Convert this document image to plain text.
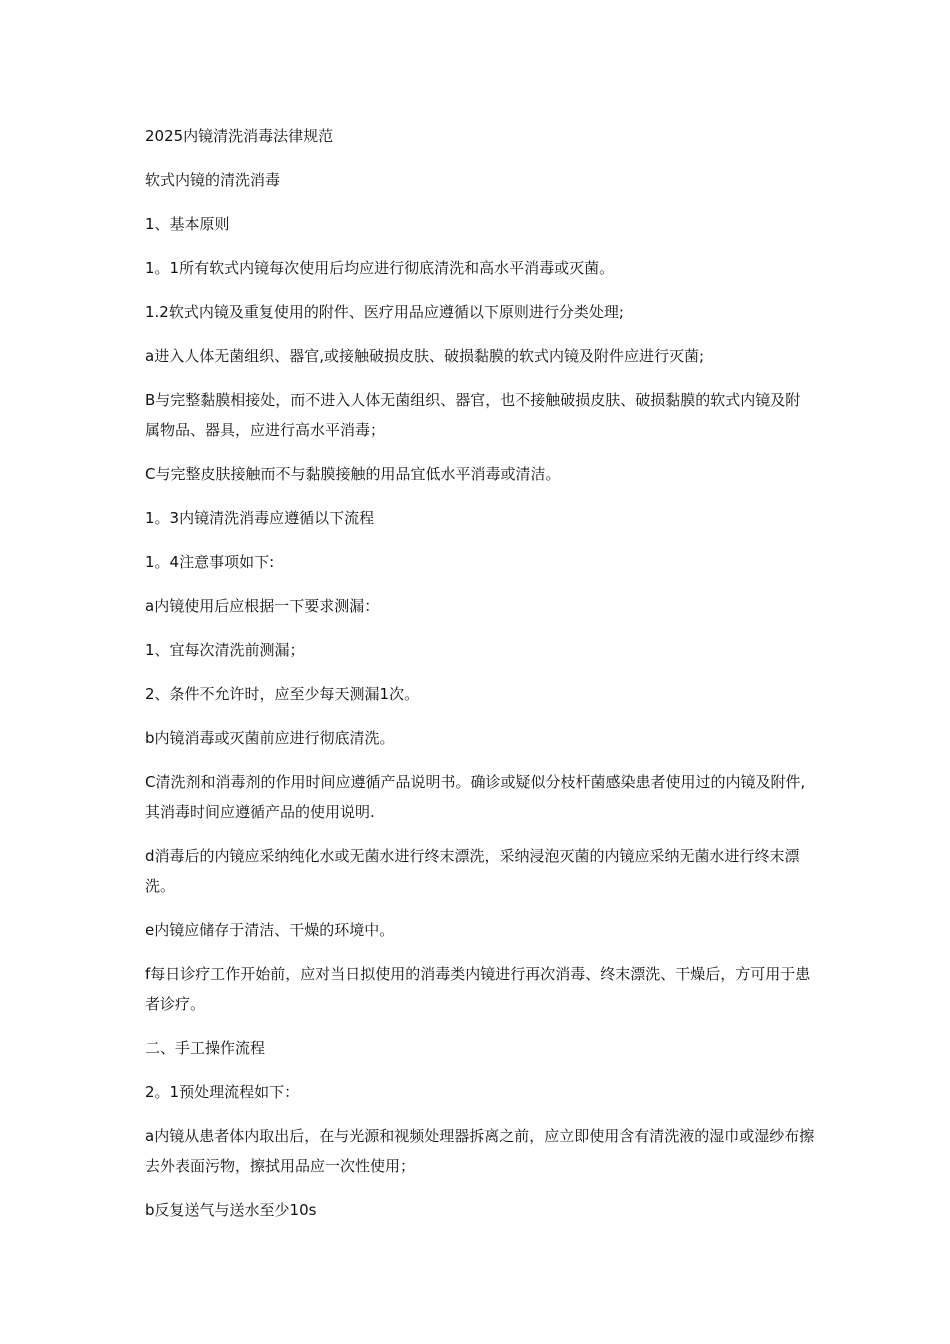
2025内镜清洗消毒法律规范

软式内镜的清洗消毒

1、基本原则

1。1所有软式内镜每次使用后均应进行彻底清洗和高水平消毒或灭菌。

1.2软式内镜及重复使用的附件、医疗用品应遵循以下原则进行分类处理;

a进入人体无菌组织、器官,或接触破损皮肤、破损黏膜的软式内镜及附件应进行灭菌;

B与完整黏膜相接处，而不进入人体无菌组织、器官，也不接触破损皮肤、破损黏膜的软式内镜及附属物品、器具，应进行高水平消毒；

C与完整皮肤接触而不与黏膜接触的用品宜低水平消毒或清洁。

1。3内镜清洗消毒应遵循以下流程

1。4注意事项如下:

a内镜使用后应根据一下要求测漏：

1、宜每次清洗前测漏；

2、条件不允许时，应至少每天测漏1次。

b内镜消毒或灭菌前应进行彻底清洗。

C清洗剂和消毒剂的作用时间应遵循产品说明书。确诊或疑似分枝杆菌感染患者使用过的内镜及附件,其消毒时间应遵循产品的使用说明.

d消毒后的内镜应采纳纯化水或无菌水进行终末漂洗，采纳浸泡灭菌的内镜应采纳无菌水进行终末漂洗。

e内镜应储存于清洁、干燥的环境中。

f每日诊疗工作开始前，应对当日拟使用的消毒类内镜进行再次消毒、终末漂洗、干燥后，方可用于患者诊疗。

二、手工操作流程

2。1预处理流程如下：

a内镜从患者体内取出后，在与光源和视频处理器拆离之前，应立即使用含有清洗液的湿巾或湿纱布擦去外表面污物，擦拭用品应一次性使用；

b反复送气与送水至少10s
